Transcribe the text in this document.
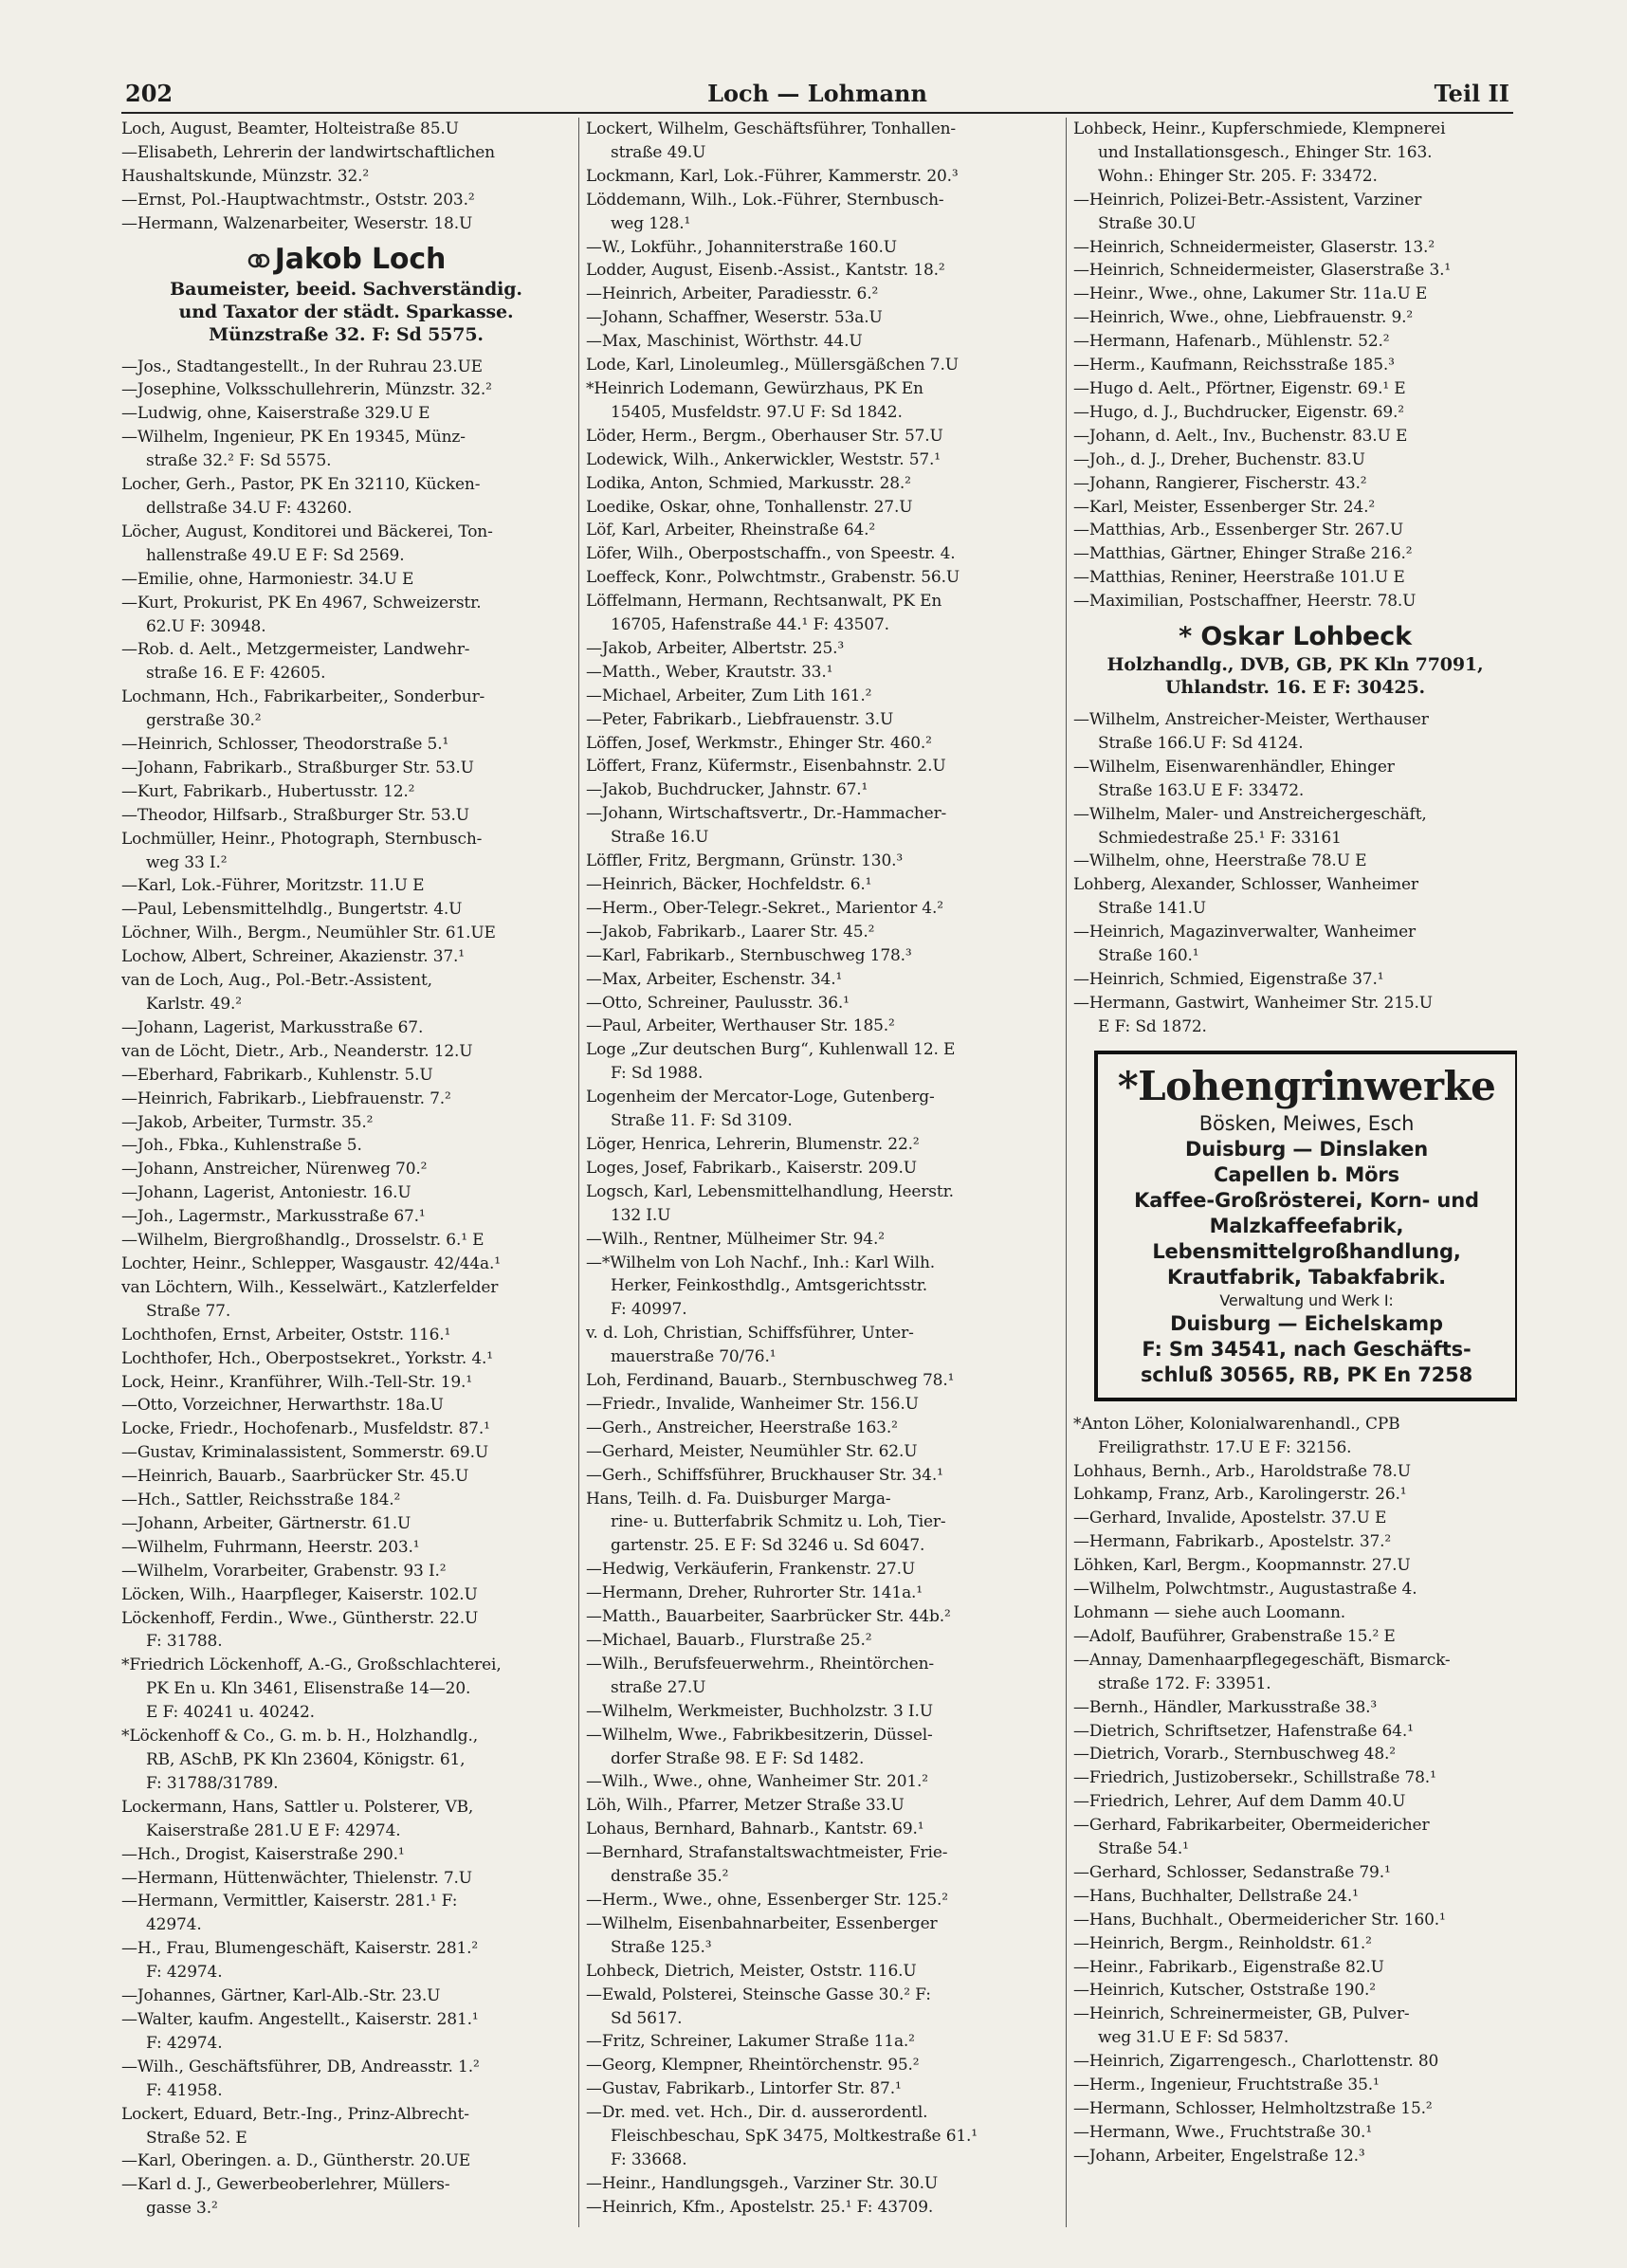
202	Loch — Lohmann	Teil II
Loch, August, Beamter, Holteistraße 85.U
—Elisabeth, Lehrerin der landwirtschaftlichen
Haushaltskunde, Münzstr. 32.²
—Ernst, Pol.-Hauptwachtmstr., Oststr. 203.²
—Hermann, Walzenarbeiter, Weserstr. 18.U
Jakob Loch
Baumeister, beeid. Sachverständig.
und Taxator der städt. Sparkasse.
Münzstraße 32. F: Sd 5575.
—Jos., Stadtangestellt., In der Ruhrau 23.UE
—Josephine, Volksschullehrerin, Münzstr. 32.²
—Ludwig, ohne, Kaiserstraße 329.U E
—Wilhelm, Ingenieur, PK En 19345, Münz-
straße 32.² F: Sd 5575.
Locher, Gerh., Pastor, PK En 32110, Kücken-
dellstraße 34.U F: 43260.
Löcher, August, Konditorei und Bäckerei, Ton-
hallenstraße 49.U E F: Sd 2569.
—Emilie, ohne, Harmoniestr. 34.U E
—Kurt, Prokurist, PK En 4967, Schweizerstr.
62.U F: 30948.
—Rob. d. Aelt., Metzgermeister, Landwehr-
straße 16. E F: 42605.
Lochmann, Hch., Fabrikarbeiter,, Sonderbur-
gerstraße 30.²
—Heinrich, Schlosser, Theodorstraße 5.¹
—Johann, Fabrikarb., Straßburger Str. 53.U
—Kurt, Fabrikarb., Hubertusstr. 12.²
—Theodor, Hilfsarb., Straßburger Str. 53.U
Lochmüller, Heinr., Photograph, Sternbusch-
weg 33 I.²
—Karl, Lok.-Führer, Moritzstr. 11.U E
—Paul, Lebensmittelhdlg., Bungertstr. 4.U
Löchner, Wilh., Bergm., Neumühler Str. 61.UE
Lochow, Albert, Schreiner, Akazienstr. 37.¹
van de Loch, Aug., Pol.-Betr.-Assistent,
Karlstr. 49.²
—Johann, Lagerist, Markusstraße 67.
van de Löcht, Dietr., Arb., Neanderstr. 12.U
—Eberhard, Fabrikarb., Kuhlenstr. 5.U
—Heinrich, Fabrikarb., Liebfrauenstr. 7.²
—Jakob, Arbeiter, Turmstr. 35.²
—Joh., Fbka., Kuhlenstraße 5.
—Johann, Anstreicher, Nürenweg 70.²
—Johann, Lagerist, Antoniestr. 16.U
—Joh., Lagermstr., Markusstraße 67.¹
—Wilhelm, Biergroßhandlg., Drosselstr. 6.¹ E
Lochter, Heinr., Schlepper, Wasgaustr. 42/44a.¹
van Löchtern, Wilh., Kesselwärt., Katzlerfelder
Straße 77.
Lochthofen, Ernst, Arbeiter, Oststr. 116.¹
Lochthofer, Hch., Oberpostsekret., Yorkstr. 4.¹
Lock, Heinr., Kranführer, Wilh.-Tell-Str. 19.¹
—Otto, Vorzeichner, Herwarthstr. 18a.U
Locke, Friedr., Hochofenarb., Musfeldstr. 87.¹
—Gustav, Kriminalassistent, Sommerstr. 69.U
—Heinrich, Bauarb., Saarbrücker Str. 45.U
—Hch., Sattler, Reichsstraße 184.²
—Johann, Arbeiter, Gärtnerstr. 61.U
—Wilhelm, Fuhrmann, Heerstr. 203.¹
—Wilhelm, Vorarbeiter, Grabenstr. 93 I.²
Löcken, Wilh., Haarpfleger, Kaiserstr. 102.U
Löckenhoff, Ferdin., Wwe., Güntherstr. 22.U
F: 31788.
*Friedrich Löckenhoff, A.-G., Großschlachterei,
PK En u. Kln 3461, Elisenstraße 14—20.
E F: 40241 u. 40242.
*Löckenhoff & Co., G. m. b. H., Holzhandlg.,
RB, ASchB, PK Kln 23604, Königstr. 61,
F: 31788/31789.
Lockermann, Hans, Sattler u. Polsterer, VB,
Kaiserstraße 281.U E F: 42974.
—Hch., Drogist, Kaiserstraße 290.¹
—Hermann, Hüttenwächter, Thielenstr. 7.U
—Hermann, Vermittler, Kaiserstr. 281.¹ F:
42974.
—H., Frau, Blumengeschäft, Kaiserstr. 281.²
F: 42974.
—Johannes, Gärtner, Karl-Alb.-Str. 23.U
—Walter, kaufm. Angestellt., Kaiserstr. 281.¹
F: 42974.
—Wilh., Geschäftsführer, DB, Andreasstr. 1.²
F: 41958.
Lockert, Eduard, Betr.-Ing., Prinz-Albrecht-
Straße 52. E
—Karl, Oberingen. a. D., Güntherstr. 20.UE
—Karl d. J., Gewerbeoberlehrer, Müllers-
gasse 3.²
Lockert, Wilhelm, Geschäftsführer, Tonhallen-
straße 49.U
Lockmann, Karl, Lok.-Führer, Kammerstr. 20.³
Löddemann, Wilh., Lok.-Führer, Sternbusch-
weg 128.¹
—W., Lokführ., Johanniterstraße 160.U
Lodder, August, Eisenb.-Assist., Kantstr. 18.²
—Heinrich, Arbeiter, Paradiesstr. 6.²
—Johann, Schaffner, Weserstr. 53a.U
—Max, Maschinist, Wörthstr. 44.U
Lode, Karl, Linoleumleg., Müllersgäßchen 7.U
*Heinrich Lodemann, Gewürzhaus, PK En
15405, Musfeldstr. 97.U F: Sd 1842.
Löder, Herm., Bergm., Oberhauser Str. 57.U
Lodewick, Wilh., Ankerwickler, Weststr. 57.¹
Lodika, Anton, Schmied, Markusstr. 28.²
Loedike, Oskar, ohne, Tonhallenstr. 27.U
Löf, Karl, Arbeiter, Rheinstraße 64.²
Löfer, Wilh., Oberpostschaffn., von Speestr. 4.
Loeffeck, Konr., Polwchtmstr., Grabenstr. 56.U
Löffelmann, Hermann, Rechtsanwalt, PK En
16705, Hafenstraße 44.¹ F: 43507.
—Jakob, Arbeiter, Albertstr. 25.³
—Matth., Weber, Krautstr. 33.¹
—Michael, Arbeiter, Zum Lith 161.²
—Peter, Fabrikarb., Liebfrauenstr. 3.U
Löffen, Josef, Werkmstr., Ehinger Str. 460.²
Löffert, Franz, Küfermstr., Eisenbahnstr. 2.U
—Jakob, Buchdrucker, Jahnstr. 67.¹
—Johann, Wirtschaftsvertr., Dr.-Hammacher-
Straße 16.U
Löffler, Fritz, Bergmann, Grünstr. 130.³
—Heinrich, Bäcker, Hochfeldstr. 6.¹
—Herm., Ober-Telegr.-Sekret., Marientor 4.²
—Jakob, Fabrikarb., Laarer Str. 45.²
—Karl, Fabrikarb., Sternbuschweg 178.³
—Max, Arbeiter, Eschenstr. 34.¹
—Otto, Schreiner, Paulusstr. 36.¹
—Paul, Arbeiter, Werthauser Str. 185.²
Loge „Zur deutschen Burg“, Kuhlenwall 12. E
F: Sd 1988.
Logenheim der Mercator-Loge, Gutenberg-
Straße 11. F: Sd 3109.
Löger, Henrica, Lehrerin, Blumenstr. 22.²
Loges, Josef, Fabrikarb., Kaiserstr. 209.U
Logsch, Karl, Lebensmittelhandlung, Heerstr.
132 I.U
—Wilh., Rentner, Mülheimer Str. 94.²
—*Wilhelm von Loh Nachf., Inh.: Karl Wilh.
Herker, Feinkosthdlg., Amtsgerichtsstr.
F: 40997.
v. d. Loh, Christian, Schiffsführer, Unter-
mauerstraße 70/76.¹
Loh, Ferdinand, Bauarb., Sternbuschweg 78.¹
—Friedr., Invalide, Wanheimer Str. 156.U
—Gerh., Anstreicher, Heerstraße 163.²
—Gerhard, Meister, Neumühler Str. 62.U
—Gerh., Schiffsführer, Bruckhauser Str. 34.¹
Hans, Teilh. d. Fa. Duisburger Marga-
rine- u. Butterfabrik Schmitz u. Loh, Tier-
gartenstr. 25. E F: Sd 3246 u. Sd 6047.
—Hedwig, Verkäuferin, Frankenstr. 27.U
—Hermann, Dreher, Ruhrorter Str. 141a.¹
—Matth., Bauarbeiter, Saarbrücker Str. 44b.²
—Michael, Bauarb., Flurstraße 25.²
—Wilh., Berufsfeuerwehrm., Rheintörchen-
straße 27.U
—Wilhelm, Werkmeister, Buchholzstr. 3 I.U
—Wilhelm, Wwe., Fabrikbesitzerin, Düssel-
dorfer Straße 98. E F: Sd 1482.
—Wilh., Wwe., ohne, Wanheimer Str. 201.²
Löh, Wilh., Pfarrer, Metzer Straße 33.U
Lohaus, Bernhard, Bahnarb., Kantstr. 69.¹
—Bernhard, Strafanstaltswachtmeister, Frie-
denstraße 35.²
—Herm., Wwe., ohne, Essenberger Str. 125.²
—Wilhelm, Eisenbahnarbeiter, Essenberger
Straße 125.³
Lohbeck, Dietrich, Meister, Oststr. 116.U
—Ewald, Polsterei, Steinsche Gasse 30.² F:
Sd 5617.
—Fritz, Schreiner, Lakumer Straße 11a.²
—Georg, Klempner, Rheintörchenstr. 95.²
—Gustav, Fabrikarb., Lintorfer Str. 87.¹
—Dr. med. vet. Hch., Dir. d. ausserordentl.
Fleischbeschau, SpK 3475, Moltkestraße 61.¹
F: 33668.
—Heinr., Handlungsgeh., Varziner Str. 30.U
—Heinrich, Kfm., Apostelstr. 25.¹ F: 43709.
Lohbeck, Heinr., Kupferschmiede, Klempnerei
und Installationsgesch., Ehinger Str. 163.
Wohn.: Ehinger Str. 205. F: 33472.
—Heinrich, Polizei-Betr.-Assistent, Varziner
Straße 30.U
—Heinrich, Schneidermeister, Glaserstr. 13.²
—Heinrich, Schneidermeister, Glaserstraße 3.¹
—Heinr., Wwe., ohne, Lakumer Str. 11a.U E
—Heinrich, Wwe., ohne, Liebfrauenstr. 9.²
—Hermann, Hafenarb., Mühlenstr. 52.²
—Herm., Kaufmann, Reichsstraße 185.³
—Hugo d. Aelt., Pförtner, Eigenstr. 69.¹ E
—Hugo, d. J., Buchdrucker, Eigenstr. 69.²
—Johann, d. Aelt., Inv., Buchenstr. 83.U E
—Joh., d. J., Dreher, Buchenstr. 83.U
—Johann, Rangierer, Fischerstr. 43.²
—Karl, Meister, Essenberger Str. 24.²
—Matthias, Arb., Essenberger Str. 267.U
—Matthias, Gärtner, Ehinger Straße 216.²
—Matthias, Reniner, Heerstraße 101.U E
—Maximilian, Postschaffner, Heerstr. 78.U
* Oskar Lohbeck
Holzhandlg., DVB, GB, PK Kln 77091,
Uhlandstr. 16. E F: 30425.
—Wilhelm, Anstreicher-Meister, Werthauser
Straße 166.U F: Sd 4124.
—Wilhelm, Eisenwarenhändler, Ehinger
Straße 163.U E F: 33472.
—Wilhelm, Maler- und Anstreichergeschäft,
Schmiedestraße 25.¹ F: 33161
—Wilhelm, ohne, Heerstraße 78.U E
Lohberg, Alexander, Schlosser, Wanheimer
Straße 141.U
—Heinrich, Magazinverwalter, Wanheimer
Straße 160.¹
—Heinrich, Schmied, Eigenstraße 37.¹
—Hermann, Gastwirt, Wanheimer Str. 215.U
E F: Sd 1872.
*Lohengrinwerke
Bösken, Meiwes, Esch
Duisburg — Dinslaken
Capellen b. Mörs
Kaffee-Großrösterei, Korn- und
Malzkaffeefabrik,
Lebensmittelgroßhandlung,
Krautfabrik, Tabakfabrik.
Verwaltung und Werk I:
Duisburg — Eichelskamp
F: Sm 34541, nach Geschäfts-
schluß 30565, RB, PK En 7258
*Anton Löher, Kolonialwarenhandl., CPB
Freiligrathstr. 17.U E F: 32156.
Lohhaus, Bernh., Arb., Haroldstraße 78.U
Lohkamp, Franz, Arb., Karolingerstr. 26.¹
—Gerhard, Invalide, Apostelstr. 37.U E
—Hermann, Fabrikarb., Apostelstr. 37.²
Löhken, Karl, Bergm., Koopmannstr. 27.U
—Wilhelm, Polwchtmstr., Augustastraße 4.
Lohmann — siehe auch Loomann.
—Adolf, Bauführer, Grabenstraße 15.² E
—Annay, Damenhaarpflegegeschäft, Bismarck-
straße 172. F: 33951.
—Bernh., Händler, Markusstraße 38.³
—Dietrich, Schriftsetzer, Hafenstraße 64.¹
—Dietrich, Vorarb., Sternbuschweg 48.²
—Friedrich, Justizobersekr., Schillstraße 78.¹
—Friedrich, Lehrer, Auf dem Damm 40.U
—Gerhard, Fabrikarbeiter, Obermeidericher
Straße 54.¹
—Gerhard, Schlosser, Sedanstraße 79.¹
—Hans, Buchhalter, Dellstraße 24.¹
—Hans, Buchhalt., Obermeidericher Str. 160.¹
—Heinrich, Bergm., Reinholdstr. 61.²
—Heinr., Fabrikarb., Eigenstraße 82.U
—Heinrich, Kutscher, Oststraße 190.²
—Heinrich, Schreinermeister, GB, Pulver-
weg 31.U E F: Sd 5837.
—Heinrich, Zigarrengesch., Charlottenstr. 80
—Herm., Ingenieur, Fruchtstraße 35.¹
—Hermann, Schlosser, Helmholtzstraße 15.²
—Hermann, Wwe., Fruchtstraße 30.¹
—Johann, Arbeiter, Engelstraße 12.³
